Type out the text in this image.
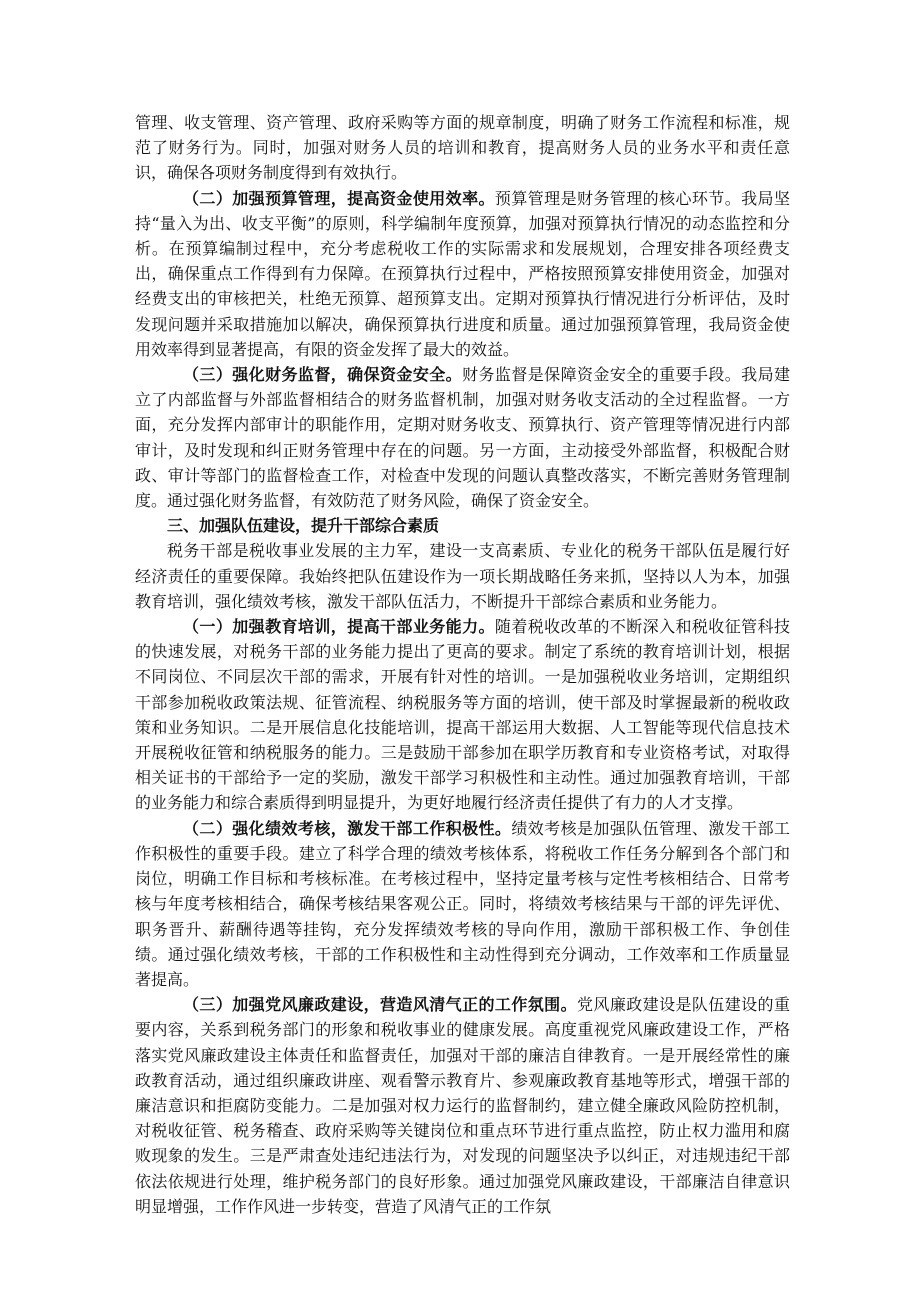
管理、收支管理、资产管理、政府采购等方面的规章制度，明确了财务工作流程和标准，规范了财务行为。同时，加强对财务人员的培训和教育，提高财务人员的业务水平和责任意识，确保各项财务制度得到有效执行。

（二）加强预算管理，提高资金使用效率。预算管理是财务管理的核心环节。我局坚持“量入为出、收支平衡”的原则，科学编制年度预算，加强对预算执行情况的动态监控和分析。在预算编制过程中，充分考虑税收工作的实际需求和发展规划，合理安排各项经费支出，确保重点工作得到有力保障。在预算执行过程中，严格按照预算安排使用资金，加强对经费支出的审核把关，杜绝无预算、超预算支出。定期对预算执行情况进行分析评估，及时发现问题并采取措施加以解决，确保预算执行进度和质量。通过加强预算管理，我局资金使用效率得到显著提高，有限的资金发挥了最大的效益。

（三）强化财务监督，确保资金安全。财务监督是保障资金安全的重要手段。我局建立了内部监督与外部监督相结合的财务监督机制，加强对财务收支活动的全过程监督。一方面，充分发挥内部审计的职能作用，定期对财务收支、预算执行、资产管理等情况进行内部审计，及时发现和纠正财务管理中存在的问题。另一方面，主动接受外部监督，积极配合财政、审计等部门的监督检查工作，对检查中发现的问题认真整改落实，不断完善财务管理制度。通过强化财务监督，有效防范了财务风险，确保了资金安全。

三、加强队伍建设，提升干部综合素质

税务干部是税收事业发展的主力军，建设一支高素质、专业化的税务干部队伍是履行好经济责任的重要保障。我始终把队伍建设作为一项长期战略任务来抓，坚持以人为本，加强教育培训，强化绩效考核，激发干部队伍活力，不断提升干部综合素质和业务能力。

（一）加强教育培训，提高干部业务能力。随着税收改革的不断深入和税收征管科技的快速发展，对税务干部的业务能力提出了更高的要求。制定了系统的教育培训计划，根据不同岗位、不同层次干部的需求，开展有针对性的培训。一是加强税收业务培训，定期组织干部参加税收政策法规、征管流程、纳税服务等方面的培训，使干部及时掌握最新的税收政策和业务知识。二是开展信息化技能培训，提高干部运用大数据、人工智能等现代信息技术开展税收征管和纳税服务的能力。三是鼓励干部参加在职学历教育和专业资格考试，对取得相关证书的干部给予一定的奖励，激发干部学习积极性和主动性。通过加强教育培训，干部的业务能力和综合素质得到明显提升，为更好地履行经济责任提供了有力的人才支撑。

（二）强化绩效考核，激发干部工作积极性。绩效考核是加强队伍管理、激发干部工作积极性的重要手段。建立了科学合理的绩效考核体系，将税收工作任务分解到各个部门和岗位，明确工作目标和考核标准。在考核过程中，坚持定量考核与定性考核相结合、日常考核与年度考核相结合，确保考核结果客观公正。同时，将绩效考核结果与干部的评先评优、职务晋升、薪酬待遇等挂钩，充分发挥绩效考核的导向作用，激励干部积极工作、争创佳绩。通过强化绩效考核，干部的工作积极性和主动性得到充分调动，工作效率和工作质量显著提高。

（三）加强党风廉政建设，营造风清气正的工作氛围。党风廉政建设是队伍建设的重要内容，关系到税务部门的形象和税收事业的健康发展。高度重视党风廉政建设工作，严格落实党风廉政建设主体责任和监督责任，加强对干部的廉洁自律教育。一是开展经常性的廉政教育活动，通过组织廉政讲座、观看警示教育片、参观廉政教育基地等形式，增强干部的廉洁意识和拒腐防变能力。二是加强对权力运行的监督制约，建立健全廉政风险防控机制，对税收征管、税务稽查、政府采购等关键岗位和重点环节进行重点监控，防止权力滥用和腐败现象的发生。三是严肃查处违纪违法行为，对发现的问题坚决予以纠正，对违规违纪干部依法依规进行处理，维护税务部门的良好形象。通过加强党风廉政建设，干部廉洁自律意识明显增强，工作作风进一步转变，营造了风清气正的工作氛
